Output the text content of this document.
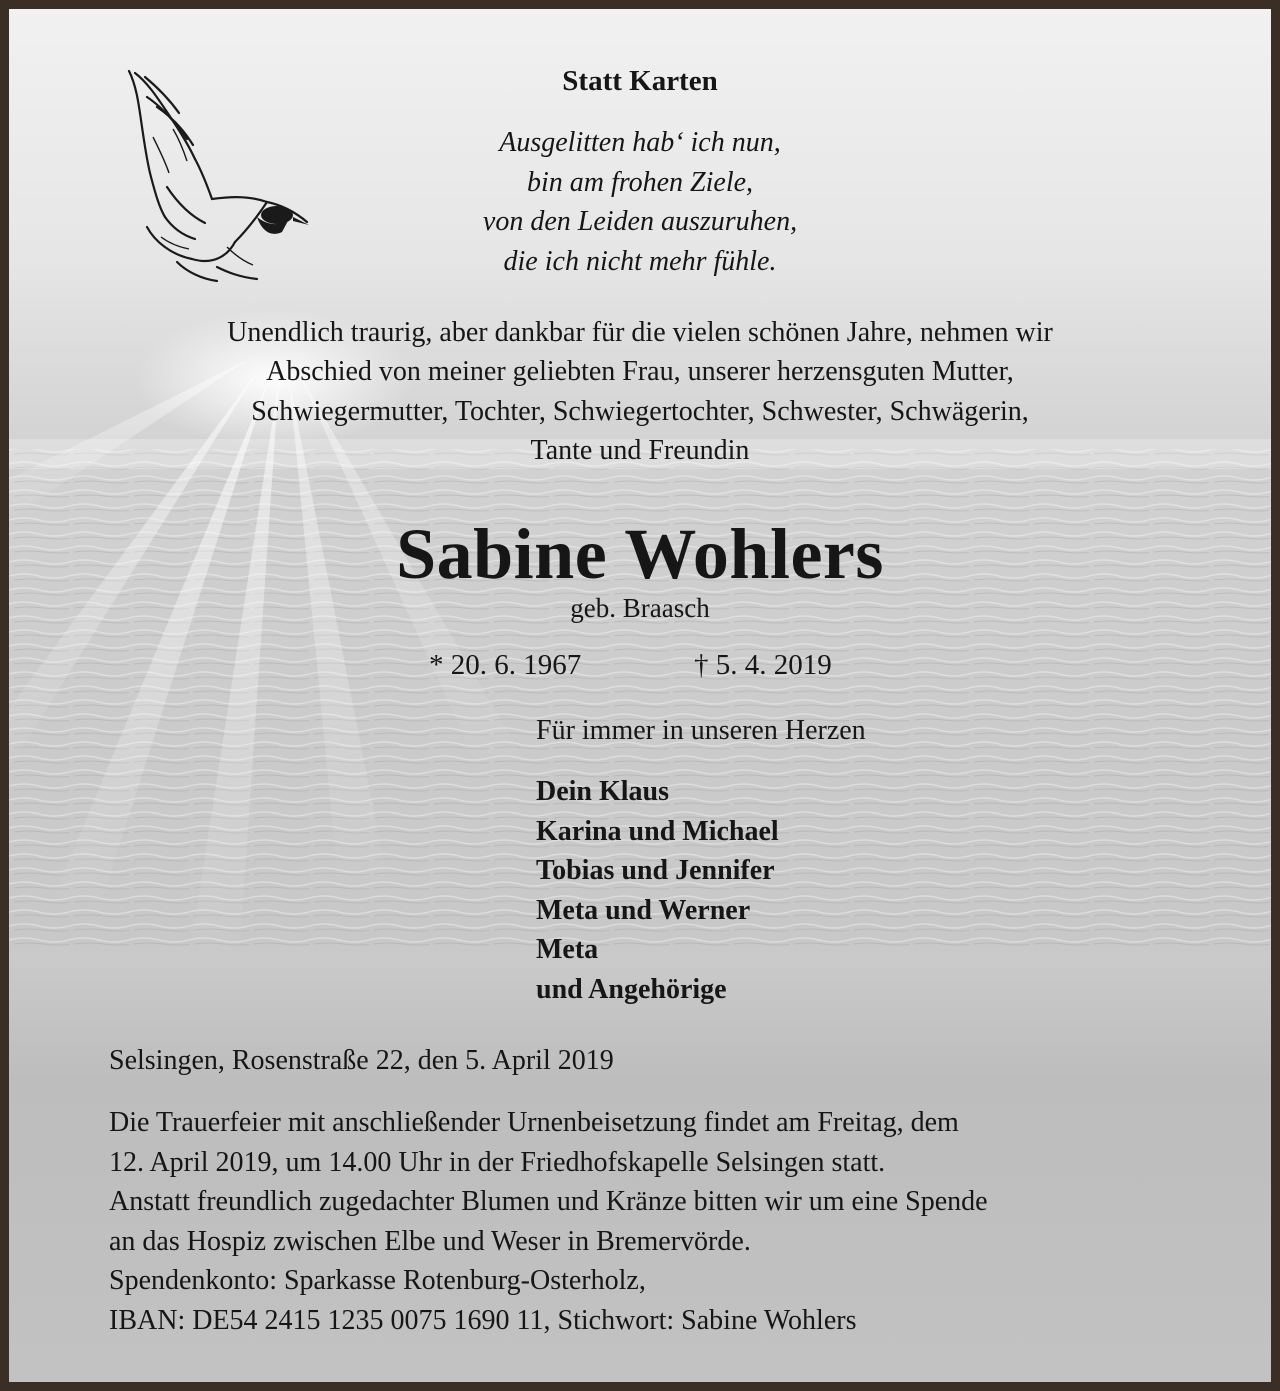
Statt Karten
Ausgelitten hab‘ ich nun,
bin am frohen Ziele,
von den Leiden auszuruhen,
die ich nicht mehr fühle.
Unendlich traurig, aber dankbar für die vielen schönen Jahre, nehmen wir
Abschied von meiner geliebten Frau, unserer herzensguten Mutter,
Schwiegermutter, Tochter, Schwiegertochter, Schwester, Schwägerin,
Tante und Freundin
Sabine Wohlers
geb. Braasch
* 20. 6. 1967	† 5. 4. 2019
Für immer in unseren Herzen
Dein Klaus
Karina und Michael
Tobias und Jennifer
Meta und Werner
Meta
und Angehörige
Selsingen, Rosenstraße 22, den 5. April 2019
Die Trauerfeier mit anschließender Urnenbeisetzung findet am Freitag, dem
12. April 2019, um 14.00 Uhr in der Friedhofskapelle Selsingen statt.
Anstatt freundlich zugedachter Blumen und Kränze bitten wir um eine Spende
an das Hospiz zwischen Elbe und Weser in Bremervörde.
Spendenkonto: Sparkasse Rotenburg-Osterholz,
IBAN: DE54 2415 1235 0075 1690 11, Stichwort: Sabine Wohlers
